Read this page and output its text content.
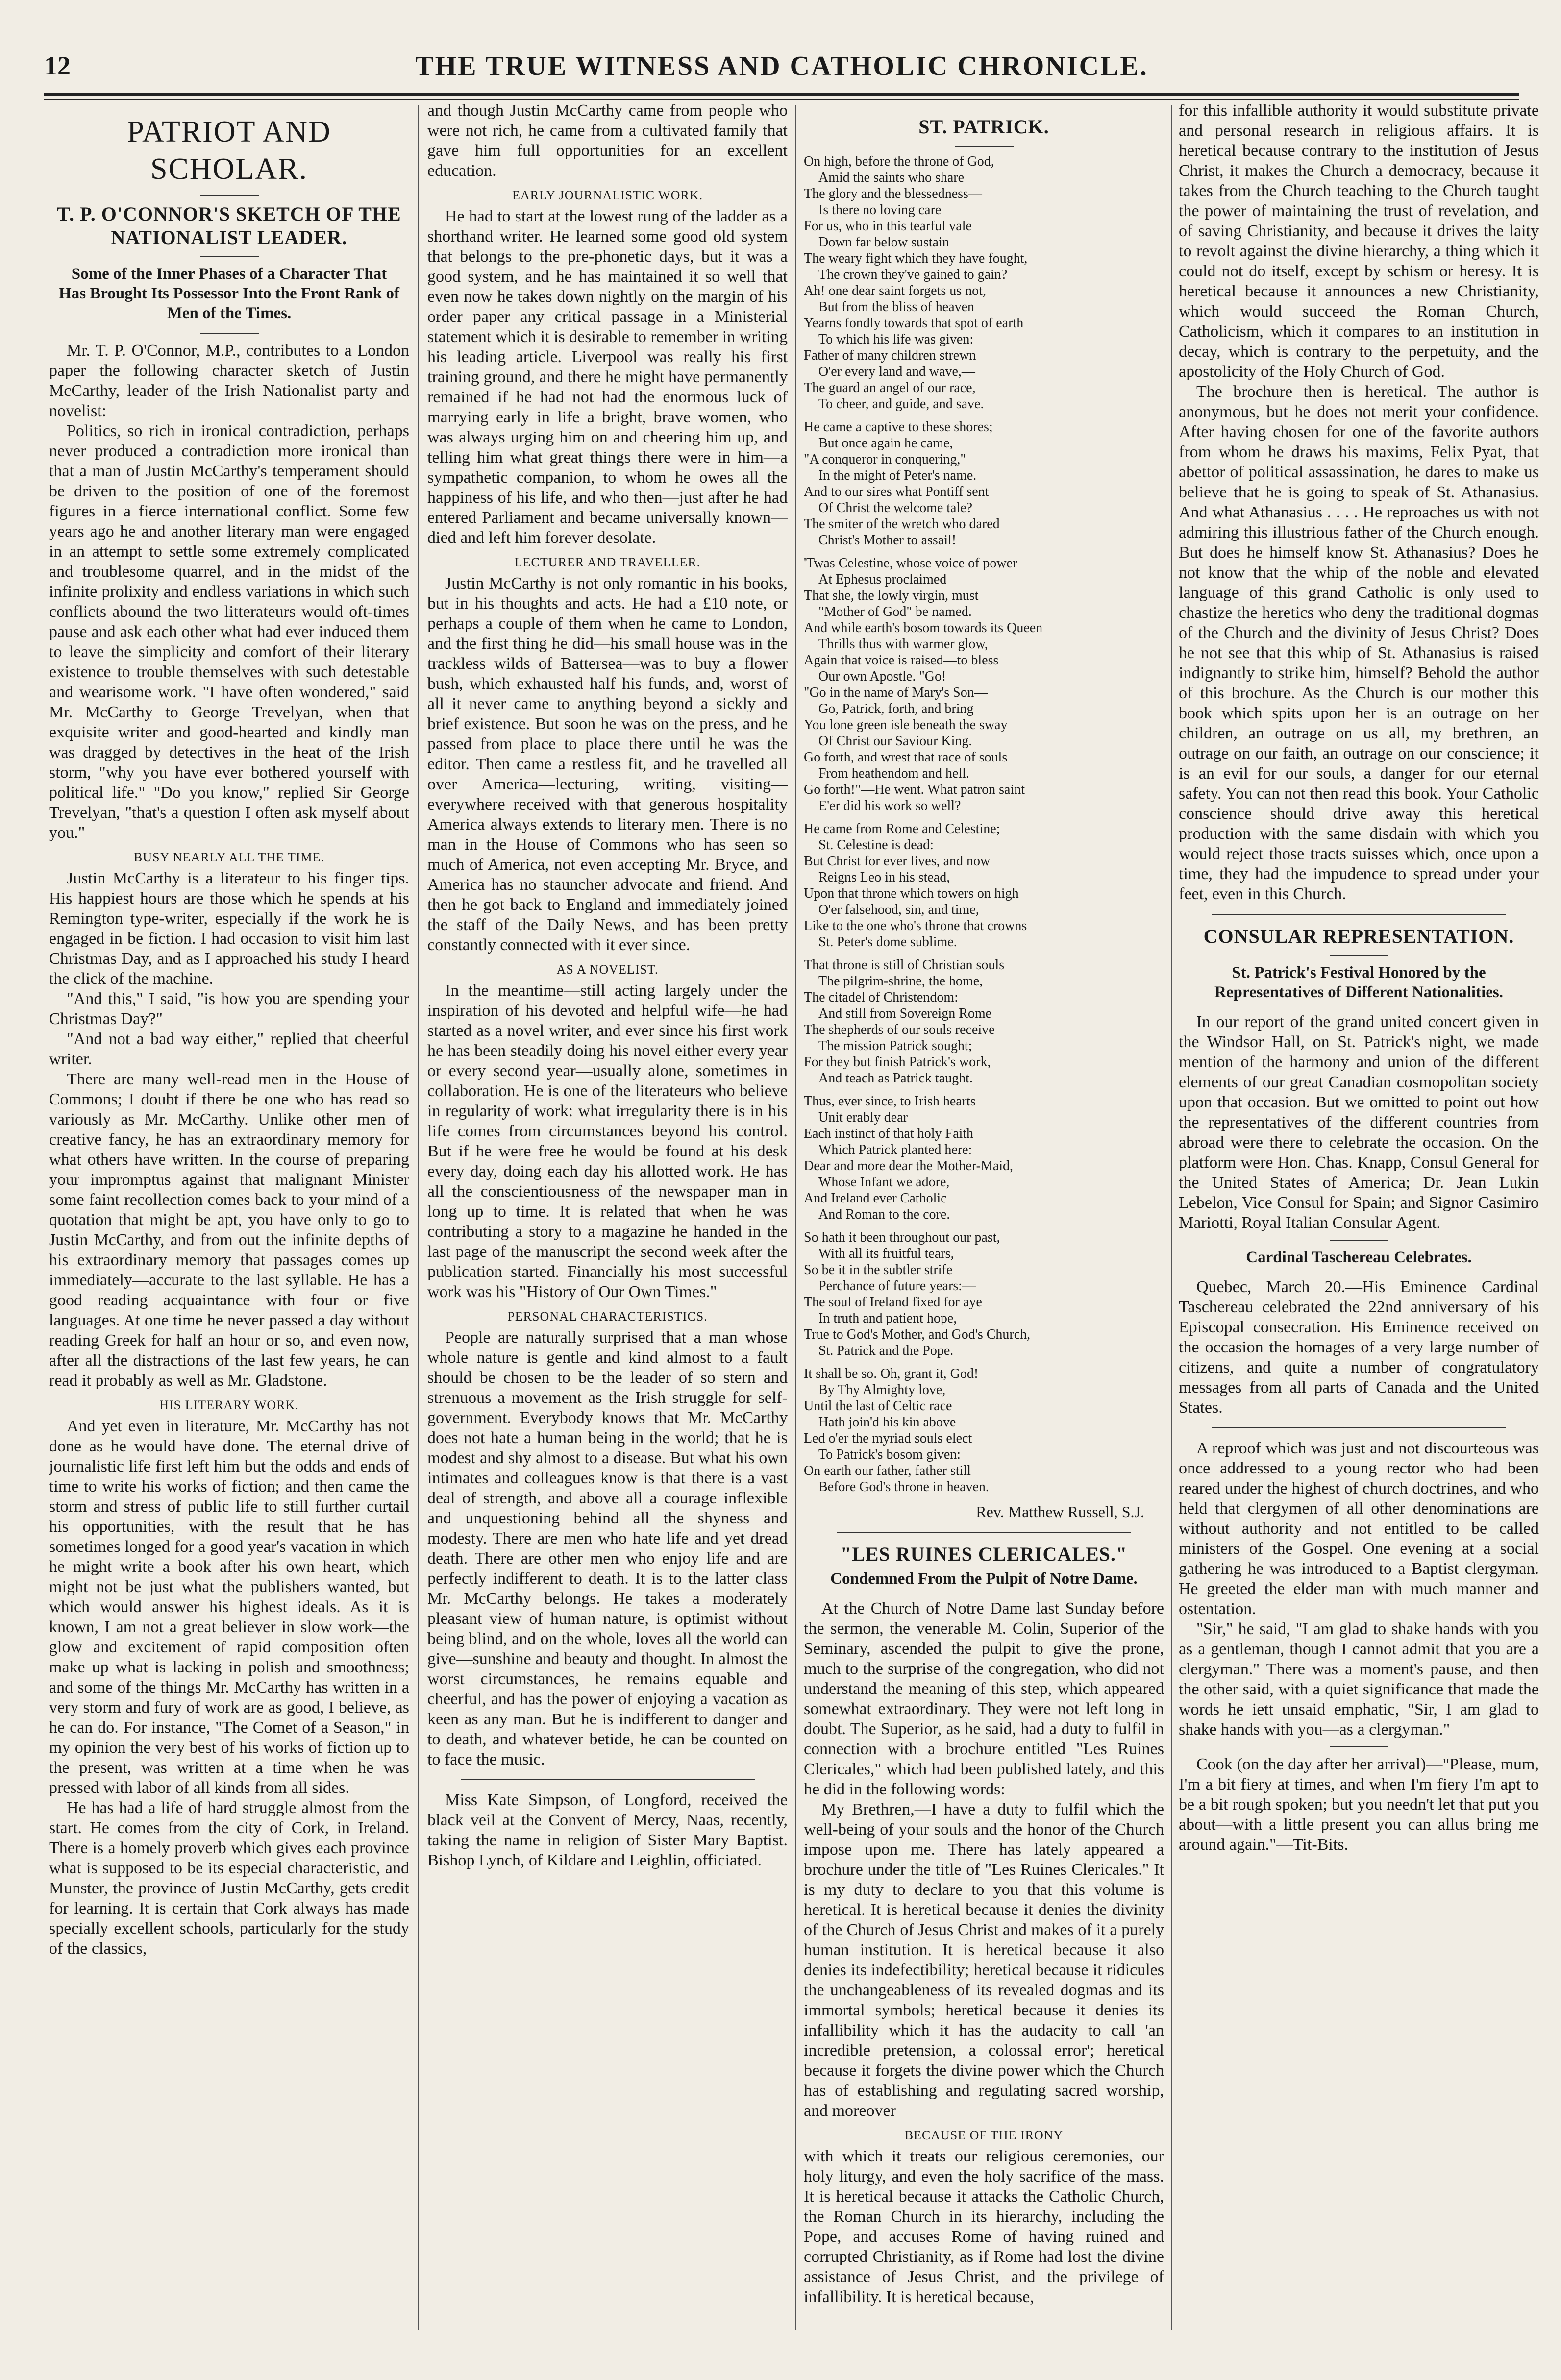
12	THE TRUE WITNESS AND CATHOLIC CHRONICLE.
PATRIOT AND SCHOLAR.
T. P. O'CONNOR'S SKETCH OF THE NATIONALIST LEADER.
Some of the Inner Phases of a Character That Has Brought Its Possessor Into the Front Rank of Men of the Times.

Mr. T. P. O'Connor, M.P., contributes to a London paper the following character sketch of Justin McCarthy, leader of the Irish Nationalist party and novelist:

Politics, so rich in ironical contradiction, perhaps never produced a contradiction more ironical than that a man of Justin McCarthy's temperament should be driven to the position of one of the foremost figures in a fierce international conflict. Some few years ago he and another literary man were engaged in an attempt to settle some extremely complicated and troublesome quarrel, and in the midst of the infinite prolixity and endless variations in which such conflicts abound the two litterateurs would oft-times pause and ask each other what had ever induced them to leave the simplicity and comfort of their literary existence to trouble themselves with such detestable and wearisome work. "I have often wondered," said Mr. McCarthy to George Trevelyan, when that exquisite writer and good-hearted and kindly man was dragged by detectives in the heat of the Irish storm, "why you have ever bothered yourself with political life." "Do you know," replied Sir George Trevelyan, "that's a question I often ask myself about you."

BUSY NEARLY ALL THE TIME.

Justin McCarthy is a literateur to his finger tips. His happiest hours are those which he spends at his Remington type-writer, especially if the work he is engaged in be fiction. I had occasion to visit him last Christmas Day, and as I approached his study I heard the click of the machine.

"And this," I said, "is how you are spending your Christmas Day?"

"And not a bad way either," replied that cheerful writer.

There are many well-read men in the House of Commons; I doubt if there be one who has read so variously as Mr. McCarthy. Unlike other men of creative fancy, he has an extraordinary memory for what others have written. In the course of preparing your impromptus against that malignant Minister some faint recollection comes back to your mind of a quotation that might be apt, you have only to go to Justin McCarthy, and from out the infinite depths of his extraordinary memory that passages comes up immediately—accurate to the last syllable. He has a good reading acquaintance with four or five languages. At one time he never passed a day without reading Greek for half an hour or so, and even now, after all the distractions of the last few years, he can read it probably as well as Mr. Gladstone.

HIS LITERARY WORK.

And yet even in literature, Mr. McCarthy has not done as he would have done. The eternal drive of journalistic life first left him but the odds and ends of time to write his works of fiction; and then came the storm and stress of public life to still further curtail his opportunities, with the result that he has sometimes longed for a good year's vacation in which he might write a book after his own heart, which might not be just what the publishers wanted, but which would answer his highest ideals. As it is known, I am not a great believer in slow work—the glow and excitement of rapid composition often make up what is lacking in polish and smoothness; and some of the things Mr. McCarthy has written in a very storm and fury of work are as good, I believe, as he can do. For instance, "The Comet of a Season," in my opinion the very best of his works of fiction up to the present, was written at a time when he was pressed with labor of all kinds from all sides.

He has had a life of hard struggle almost from the start. He comes from the city of Cork, in Ireland. There is a homely proverb which gives each province what is supposed to be its especial characteristic, and Munster, the province of Justin McCarthy, gets credit for learning. It is certain that Cork always has made specially excellent schools, particularly for the study of the classics,

and though Justin McCarthy came from people who were not rich, he came from a cultivated family that gave him full opportunities for an excellent education.

EARLY JOURNALISTIC WORK.

He had to start at the lowest rung of the ladder as a shorthand writer. He learned some good old system that belongs to the pre-phonetic days, but it was a good system, and he has maintained it so well that even now he takes down nightly on the margin of his order paper any critical passage in a Ministerial statement which it is desirable to remember in writing his leading article. Liverpool was really his first training ground, and there he might have permanently remained if he had not had the enormous luck of marrying early in life a bright, brave women, who was always urging him on and cheering him up, and telling him what great things there were in him—a sympathetic companion, to whom he owes all the happiness of his life, and who then—just after he had entered Parliament and became universally known—died and left him forever desolate.

LECTURER AND TRAVELLER.

Justin McCarthy is not only romantic in his books, but in his thoughts and acts. He had a £10 note, or perhaps a couple of them when he came to London, and the first thing he did—his small house was in the trackless wilds of Battersea—was to buy a flower bush, which exhausted half his funds, and, worst of all it never came to anything beyond a sickly and brief existence. But soon he was on the press, and he passed from place to place there until he was the editor. Then came a restless fit, and he travelled all over America—lecturing, writing, visiting—everywhere received with that generous hospitality America always extends to literary men. There is no man in the House of Commons who has seen so much of America, not even accepting Mr. Bryce, and America has no stauncher advocate and friend. And then he got back to England and immediately joined the staff of the Daily News, and has been pretty constantly connected with it ever since.

AS A NOVELIST.

In the meantime—still acting largely under the inspiration of his devoted and helpful wife—he had started as a novel writer, and ever since his first work he has been steadily doing his novel either every year or every second year—usually alone, sometimes in collaboration. He is one of the literateurs who believe in regularity of work: what irregularity there is in his life comes from circumstances beyond his control. But if he were free he would be found at his desk every day, doing each day his allotted work. He has all the conscientiousness of the newspaper man in long up to time. It is related that when he was contributing a story to a magazine he handed in the last page of the manuscript the second week after the publication started. Financially his most successful work was his "History of Our Own Times."

PERSONAL CHARACTERISTICS.

People are naturally surprised that a man whose whole nature is gentle and kind almost to a fault should be chosen to be the leader of so stern and strenuous a movement as the Irish struggle for self-government. Everybody knows that Mr. McCarthy does not hate a human being in the world; that he is modest and shy almost to a disease. But what his own intimates and colleagues know is that there is a vast deal of strength, and above all a courage inflexible and unquestioning behind all the shyness and modesty. There are men who hate life and yet dread death. There are other men who enjoy life and are perfectly indifferent to death. It is to the latter class Mr. McCarthy belongs. He takes a moderately pleasant view of human nature, is optimist without being blind, and on the whole, loves all the world can give—sunshine and beauty and thought. In almost the worst circumstances, he remains equable and cheerful, and has the power of enjoying a vacation as keen as any man. But he is indifferent to danger and to death, and whatever betide, he can be counted on to face the music.

Miss Kate Simpson, of Longford, received the black veil at the Convent of Mercy, Naas, recently, taking the name in religion of Sister Mary Baptist. Bishop Lynch, of Kildare and Leighlin, officiated.

ST. PATRICK.
On high, before the throne of God,
Amid the saints who share
The glory and the blessedness—
Is there no loving care
For us, who in this tearful vale
Down far below sustain
The weary fight which they have fought,
The crown they've gained to gain?
Ah! one dear saint forgets us not,
But from the bliss of heaven
Yearns fondly towards that spot of earth
To which his life was given:
Father of many children strewn
O'er every land and wave,—
The guard an angel of our race,
To cheer, and guide, and save.
He came a captive to these shores;
But once again he came,
"A conqueror in conquering,"
In the might of Peter's name.
And to our sires what Pontiff sent
Of Christ the welcome tale?
The smiter of the wretch who dared
Christ's Mother to assail!
'Twas Celestine, whose voice of power
At Ephesus proclaimed
That she, the lowly virgin, must
"Mother of God" be named.
And while earth's bosom towards its Queen
Thrills thus with warmer glow,
Again that voice is raised—to bless
Our own Apostle. "Go!
"Go in the name of Mary's Son—
Go, Patrick, forth, and bring
You lone green isle beneath the sway
Of Christ our Saviour King.
Go forth, and wrest that race of souls
From heathendom and hell.
Go forth!"—He went. What patron saint
E'er did his work so well?
He came from Rome and Celestine;
St. Celestine is dead:
But Christ for ever lives, and now
Reigns Leo in his stead,
Upon that throne which towers on high
O'er falsehood, sin, and time,
Like to the one who's throne that crowns
St. Peter's dome sublime.
That throne is still of Christian souls
The pilgrim-shrine, the home,
The citadel of Christendom:
And still from Sovereign Rome
The shepherds of our souls receive
The mission Patrick sought;
For they but finish Patrick's work,
And teach as Patrick taught.
Thus, ever since, to Irish hearts
Unit erably dear
Each instinct of that holy Faith
Which Patrick planted here:
Dear and more dear the Mother-Maid,
Whose Infant we adore,
And Ireland ever Catholic
And Roman to the core.
So hath it been throughout our past,
With all its fruitful tears,
So be it in the subtler strife
Perchance of future years:—
The soul of Ireland fixed for aye
In truth and patient hope,
True to God's Mother, and God's Church,
St. Patrick and the Pope.
It shall be so. Oh, grant it, God!
By Thy Almighty love,
Until the last of Celtic race
Hath join'd his kin above—
Led o'er the myriad souls elect
To Patrick's bosom given:
On earth our father, father still
Before God's throne in heaven.
Rev. Matthew Russell, S.J.
"LES RUINES CLERICALES."
Condemned From the Pulpit of Notre Dame.

At the Church of Notre Dame last Sunday before the sermon, the venerable M. Colin, Superior of the Seminary, ascended the pulpit to give the prone, much to the surprise of the congregation, who did not understand the meaning of this step, which appeared somewhat extraordinary. They were not left long in doubt. The Superior, as he said, had a duty to fulfil in connection with a brochure entitled "Les Ruines Clericales," which had been published lately, and this he did in the following words:

My Brethren,—I have a duty to fulfil which the well-being of your souls and the honor of the Church impose upon me. There has lately appeared a brochure under the title of "Les Ruines Clericales." It is my duty to declare to you that this volume is heretical. It is heretical because it denies the divinity of the Church of Jesus Christ and makes of it a purely human institution. It is heretical because it also denies its indefectibility; heretical because it ridicules the unchangeableness of its revealed dogmas and its immortal symbols; heretical because it denies its infallibility which it has the audacity to call 'an incredible pretension, a colossal error'; heretical because it forgets the divine power which the Church has of establishing and regulating sacred worship, and moreover

BECAUSE OF THE IRONY

with which it treats our religious ceremonies, our holy liturgy, and even the holy sacrifice of the mass. It is heretical because it attacks the Catholic Church, the Roman Church in its hierarchy, including the Pope, and accuses Rome of having ruined and corrupted Christianity, as if Rome had lost the divine assistance of Jesus Christ, and the privilege of infallibility. It is heretical because,

for this infallible authority it would substitute private and personal research in religious affairs. It is heretical because contrary to the institution of Jesus Christ, it makes the Church a democracy, because it takes from the Church teaching to the Church taught the power of maintaining the trust of revelation, and of saving Christianity, and because it drives the laity to revolt against the divine hierarchy, a thing which it could not do itself, except by schism or heresy. It is heretical because it announces a new Christianity, which would succeed the Roman Church, Catholicism, which it compares to an institution in decay, which is contrary to the perpetuity, and the apostolicity of the Holy Church of God.

The brochure then is heretical. The author is anonymous, but he does not merit your confidence. After having chosen for one of the favorite authors from whom he draws his maxims, Felix Pyat, that abettor of political assassination, he dares to make us believe that he is going to speak of St. Athanasius. And what Athanasius . . . . He reproaches us with not admiring this illustrious father of the Church enough. But does he himself know St. Athanasius? Does he not know that the whip of the noble and elevated language of this grand Catholic is only used to chastize the heretics who deny the traditional dogmas of the Church and the divinity of Jesus Christ? Does he not see that this whip of St. Athanasius is raised indignantly to strike him, himself? Behold the author of this brochure. As the Church is our mother this book which spits upon her is an outrage on her children, an outrage on us all, my brethren, an outrage on our faith, an outrage on our conscience; it is an evil for our souls, a danger for our eternal safety. You can not then read this book. Your Catholic conscience should drive away this heretical production with the same disdain with which you would reject those tracts suisses which, once upon a time, they had the impudence to spread under your feet, even in this Church.

CONSULAR REPRESENTATION.
St. Patrick's Festival Honored by the Representatives of Different Nationalities.

In our report of the grand united concert given in the Windsor Hall, on St. Patrick's night, we made mention of the harmony and union of the different elements of our great Canadian cosmopolitan society upon that occasion. But we omitted to point out how the representatives of the different countries from abroad were there to celebrate the occasion. On the platform were Hon. Chas. Knapp, Consul General for the United States of America; Dr. Jean Lukin Lebelon, Vice Consul for Spain; and Signor Casimiro Mariotti, Royal Italian Consular Agent.

Cardinal Taschereau Celebrates.

Quebec, March 20.—His Eminence Cardinal Taschereau celebrated the 22nd anniversary of his Episcopal consecration. His Eminence received on the occasion the homages of a very large number of citizens, and quite a number of congratulatory messages from all parts of Canada and the United States.

A reproof which was just and not discourteous was once addressed to a young rector who had been reared under the highest of church doctrines, and who held that clergymen of all other denominations are without authority and not entitled to be called ministers of the Gospel. One evening at a social gathering he was introduced to a Baptist clergyman. He greeted the elder man with much manner and ostentation.

"Sir," he said, "I am glad to shake hands with you as a gentleman, though I cannot admit that you are a clergyman." There was a moment's pause, and then the other said, with a quiet significance that made the words he iett unsaid emphatic, "Sir, I am glad to shake hands with you—as a clergyman."

Cook (on the day after her arrival)—"Please, mum, I'm a bit fiery at times, and when I'm fiery I'm apt to be a bit rough spoken; but you needn't let that put you about—with a little present you can allus bring me around again."—Tit-Bits.
